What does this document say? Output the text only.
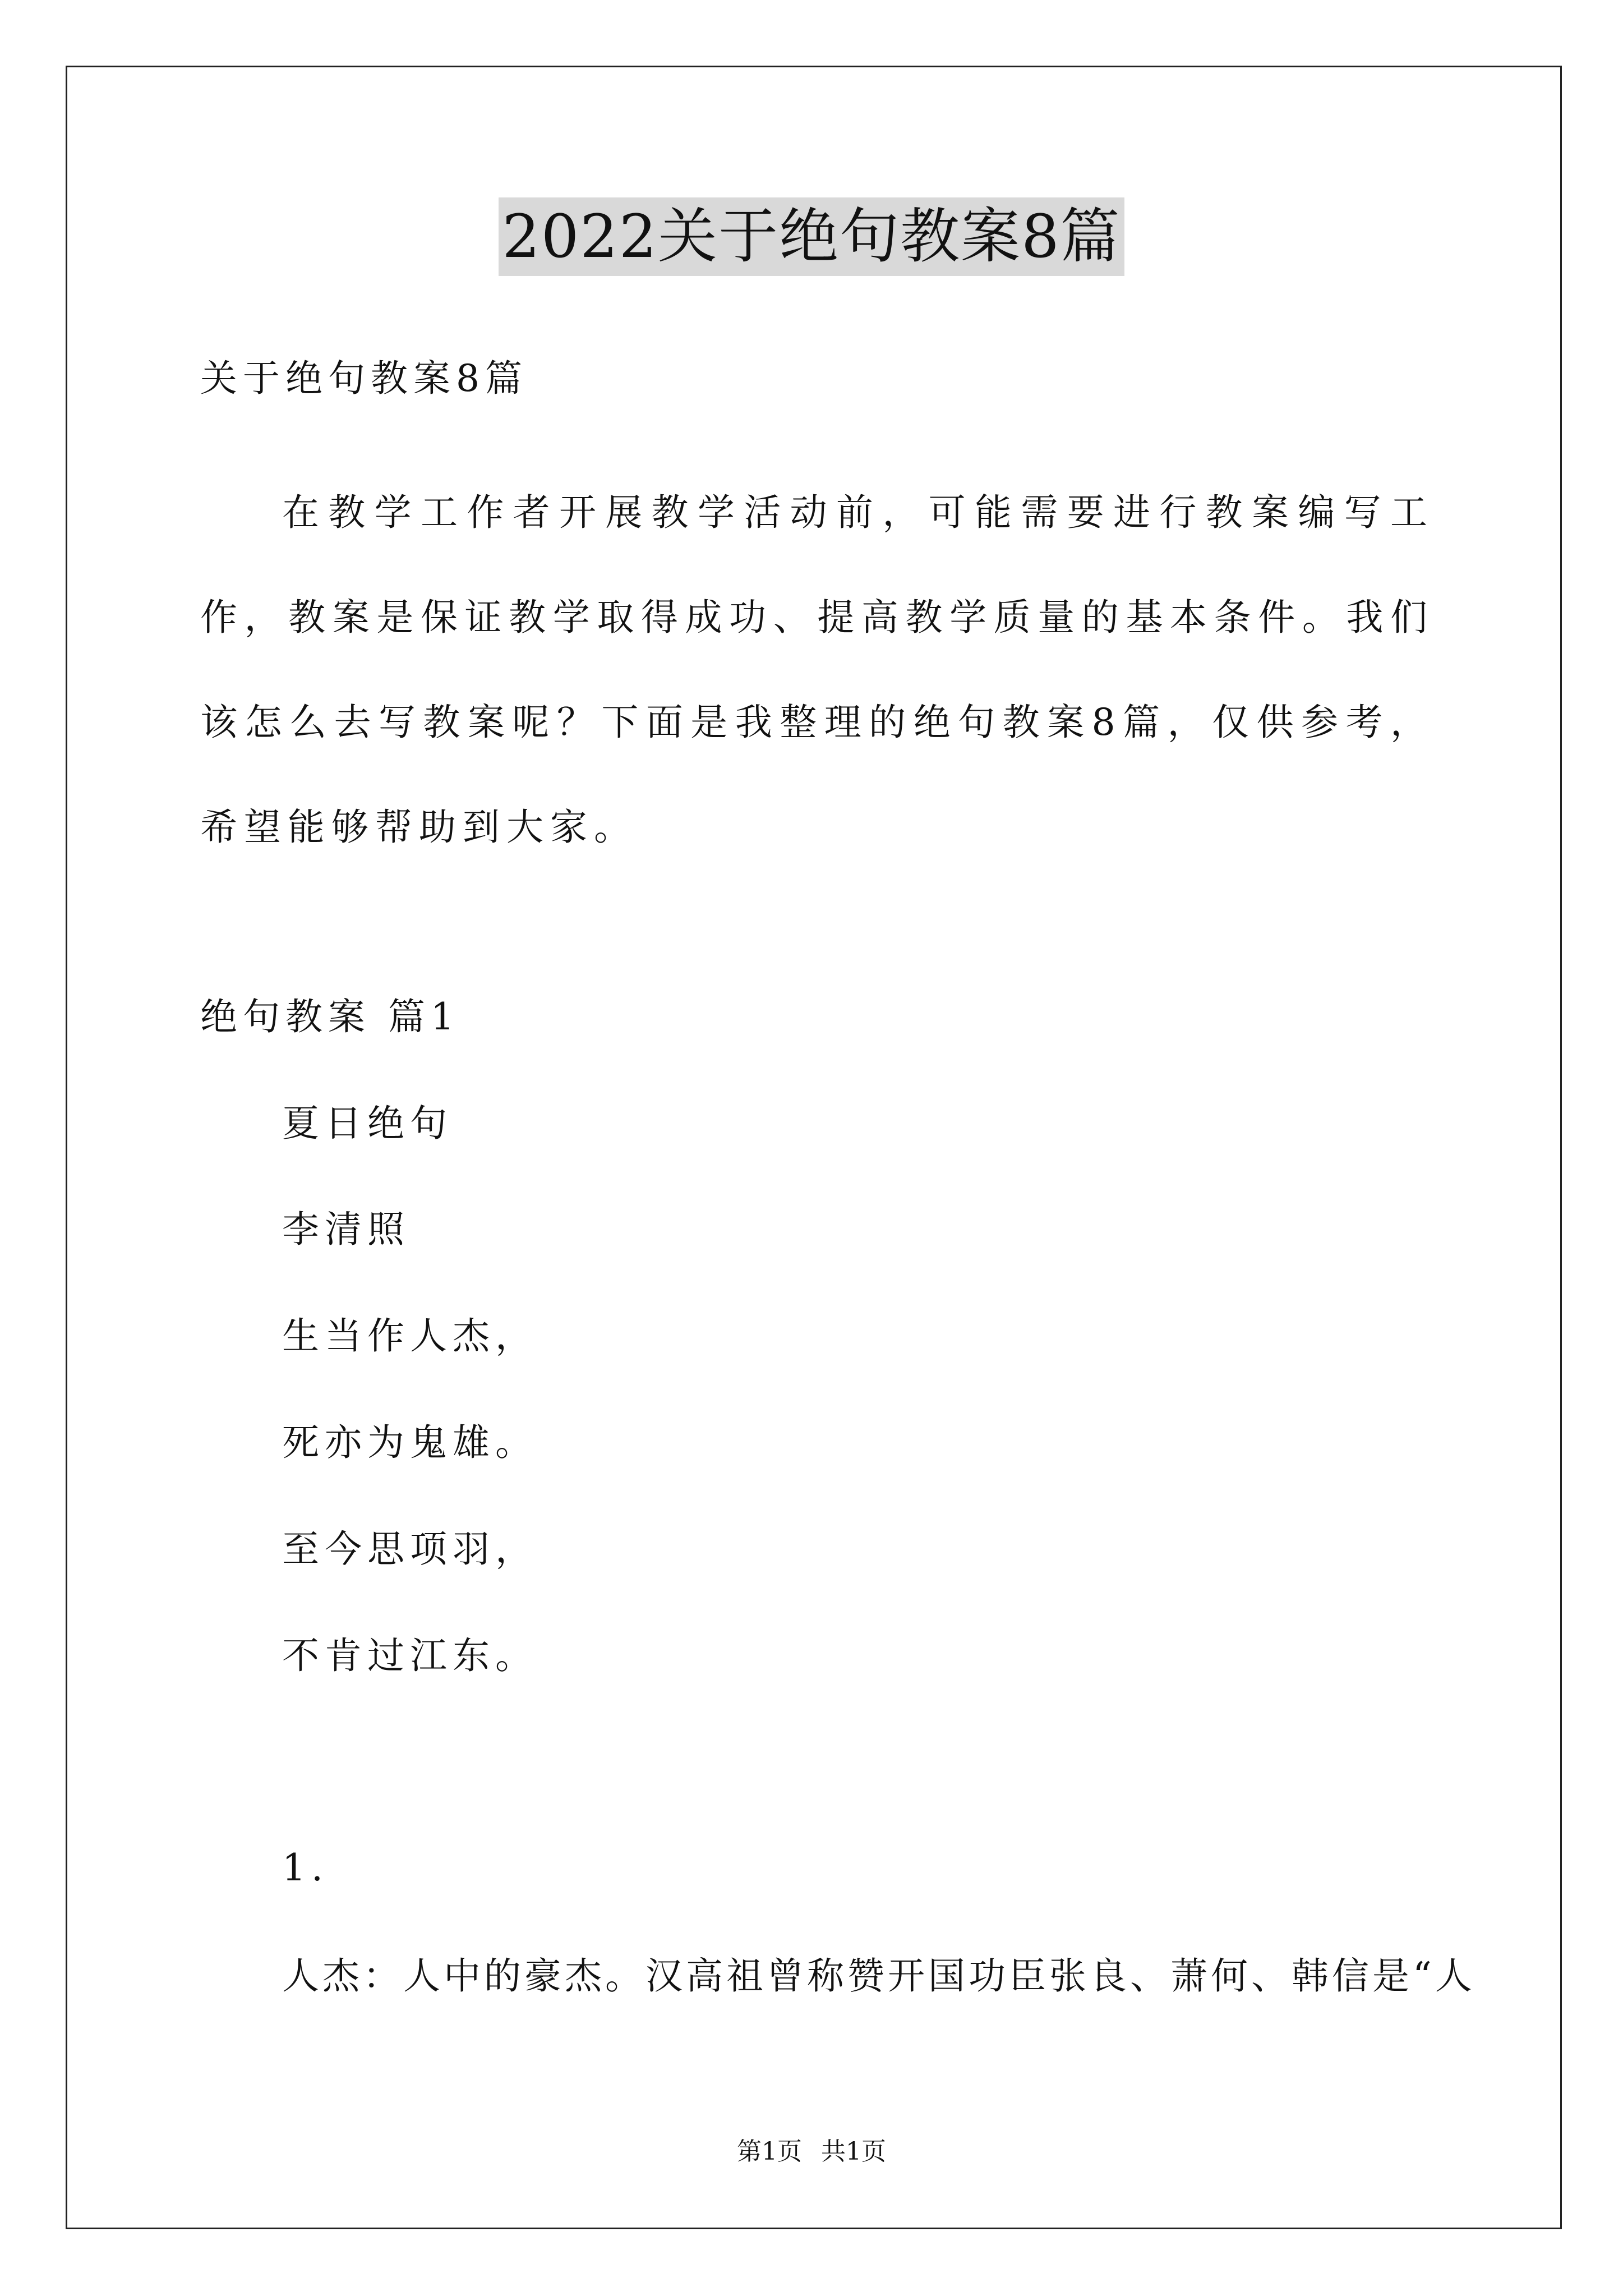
2022关于绝句教案8篇
关于绝句教案8篇
在教学工作者开展教学活动前，可能需要进行教案编写工作，教案是保证教学取得成功、提高教学质量的基本条件。我们该怎么去写教案呢？下面是我整理的绝句教案8篇，仅供参考，希望能够帮助到大家。
绝句教案 篇1
夏日绝句
李清照
生当作人杰，
死亦为鬼雄。
至今思项羽，
不肯过江东。
1.
人杰：人中的豪杰。汉高祖曾称赞开国功臣张良、萧何、韩信是“人
第1页 共1页
